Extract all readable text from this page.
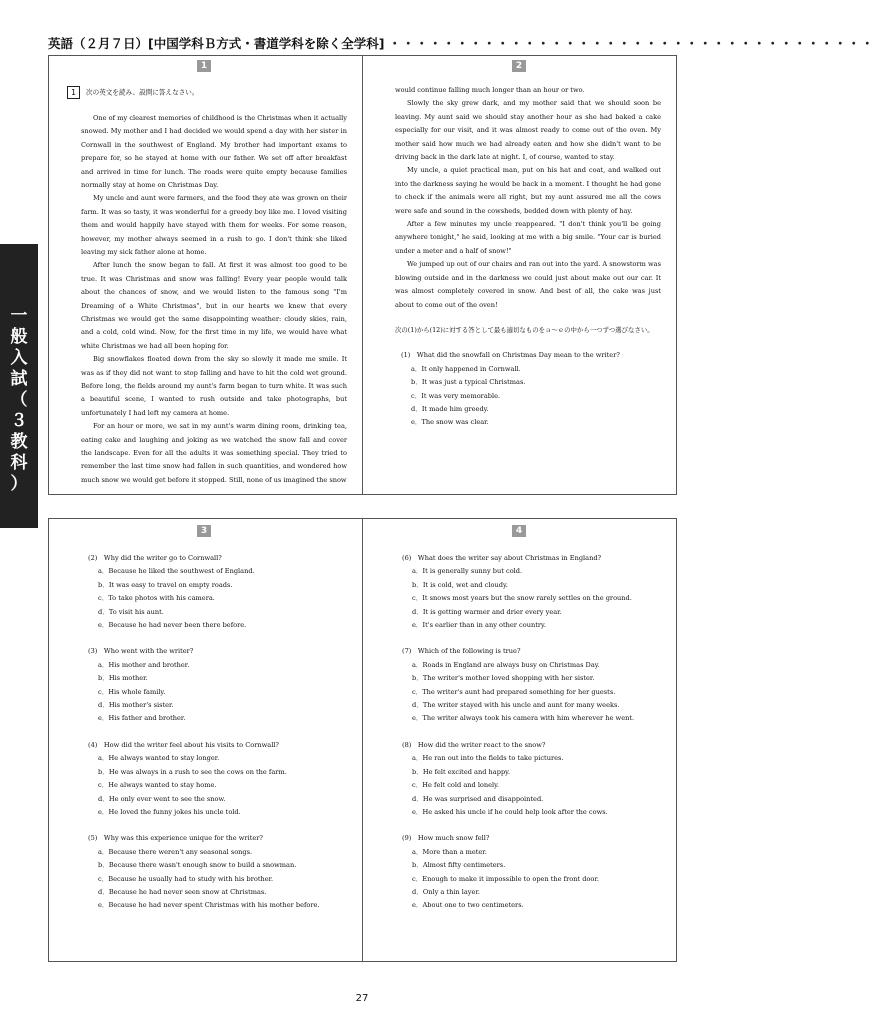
英語（２月７日）[中国学科Ｂ方式・書道学科を除く全学科] ・・・・・・・・・・・・・・・・・・・・・・・・・・・・・・・・・・・・
一
般
入
試
（
３
教
科
）
1	2
1 次の英文を読み、設問に答えなさい。

One of my clearest memories of childhood is the Christmas when it actually snowed. My mother and I had decided we would spend a day with her sister in Cornwall in the southwest of England. My brother had important exams to prepare for, so he stayed at home with our father. We set off after breakfast and arrived in time for lunch. The roads were quite empty because families normally stay at home on Christmas Day.

My uncle and aunt were farmers, and the food they ate was grown on their farm. It was so tasty, it was wonderful for a greedy boy like me. I loved visiting them and would happily have stayed with them for weeks. For some reason, however, my mother always seemed in a rush to go. I don't think she liked leaving my sick father alone at home.

After lunch the snow began to fall. At first it was almost too good to be true. It was Christmas and snow was falling! Every year people would talk about the chances of snow, and we would listen to the famous song "I'm Dreaming of a White Christmas", but in our hearts we knew that every Christmas we would get the same disappointing weather: cloudy skies, rain, and a cold, cold wind. Now, for the first time in my life, we would have what white Christmas we had all been hoping for.

Big snowflakes floated down from the sky so slowly it made me smile. It was as if they did not want to stop falling and have to hit the cold wet ground. Before long, the fields around my aunt's farm began to turn white. It was such a beautiful scene, I wanted to rush outside and take photographs, but unfortunately I had left my camera at home.

For an hour or more, we sat in my aunt's warm dining room, drinking tea, eating cake and laughing and joking as we watched the snow fall and cover the landscape. Even for all the adults it was something special. They tried to remember the last time snow had fallen in such quantities, and wondered how much snow we would get before it stopped. Still, none of us imagined the snow

would continue falling much longer than an hour or two.

Slowly the sky grew dark, and my mother said that we should soon be leaving. My aunt said we should stay another hour as she had baked a cake especially for our visit, and it was almost ready to come out of the oven. My mother said how much we had already eaten and how she didn't want to be driving back in the dark late at night. I, of course, wanted to stay.

My uncle, a quiet practical man, put on his hat and coat, and walked out into the darkness saying he would be back in a moment. I thought he had gone to check if the animals were all right, but my aunt assured me all the cows were safe and sound in the cowsheds, bedded down with plenty of hay.

After a few minutes my uncle reappeared. "I don't think you'll be going anywhere tonight," he said, looking at me with a big smile. "Your car is buried under a meter and a half of snow!"

We jumped up out of our chairs and ran out into the yard. A snowstorm was blowing outside and in the darkness we could just about make out our car. It was almost completely covered in snow. And best of all, the cake was just about to come out of the oven!

次の(1)から(12)に対する答として最も適切なものをａ～ｅの中から一つずつ選びなさい。
(1)　What did the snowfall on Christmas Day mean to the writer?
a．It only happened in Cornwall.
b．It was just a typical Christmas.
c．It was very memorable.
d．It made him greedy.
e．The snow was clear.
3	4
(2)　Why did the writer go to Cornwall?
a．Because he liked the southwest of England.
b．It was easy to travel on empty roads.
c．To take photos with his camera.
d．To visit his aunt.
e．Because he had never been there before.
(3)　Who went with the writer?
a．His mother and brother.
b．His mother.
c．His whole family.
d．His mother's sister.
e．His father and brother.
(4)　How did the writer feel about his visits to Cornwall?
a．He always wanted to stay longer.
b．He was always in a rush to see the cows on the farm.
c．He always wanted to stay home.
d．He only ever went to see the snow.
e．He loved the funny jokes his uncle told.
(5)　Why was this experience unique for the writer?
a．Because there weren't any seasonal songs.
b．Because there wasn't enough snow to build a snowman.
c．Because he usually had to study with his brother.
d．Because he had never seen snow at Christmas.
e．Because he had never spent Christmas with his mother before.
(6)　What does the writer say about Christmas in England?
a．It is generally sunny but cold.
b．It is cold, wet and cloudy.
c．It snows most years but the snow rarely settles on the ground.
d．It is getting warmer and drier every year.
e．It's earlier than in any other country.
(7)　Which of the following is true?
a．Roads in England are always busy on Christmas Day.
b．The writer's mother loved shopping with her sister.
c．The writer's aunt had prepared something for her guests.
d．The writer stayed with his uncle and aunt for many weeks.
e．The writer always took his camera with him wherever he went.
(8)　How did the writer react to the snow?
a．He ran out into the fields to take pictures.
b．He felt excited and happy.
c．He felt cold and lonely.
d．He was surprised and disappointed.
e．He asked his uncle if he could help look after the cows.
(9)　How much snow fell?
a．More than a meter.
b．Almost fifty centimeters.
c．Enough to make it impossible to open the front door.
d．Only a thin layer.
e．About one to two centimeters.
27
